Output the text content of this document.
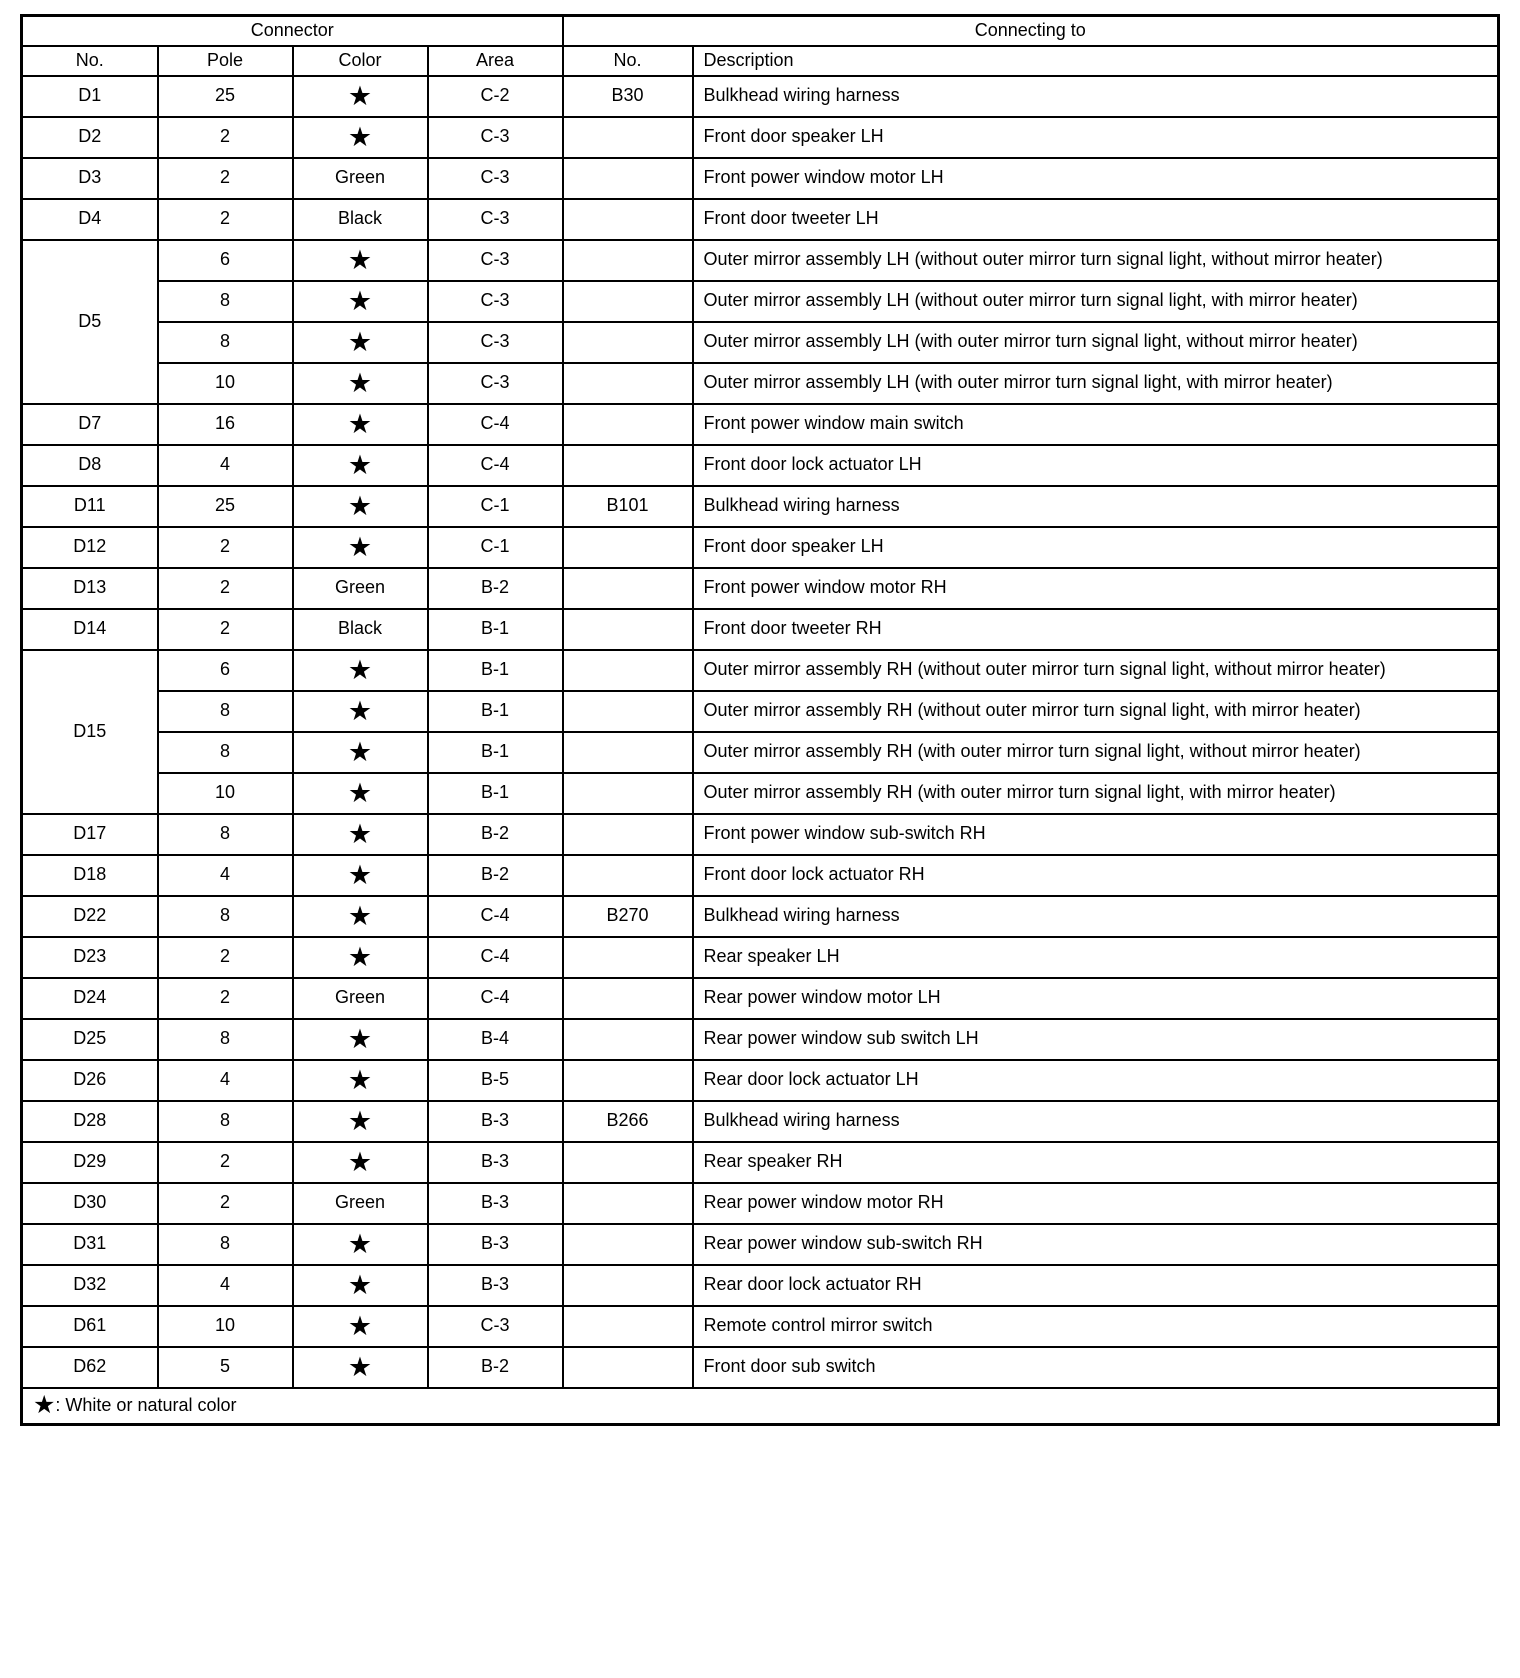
Connector				Connecting to	
No.	Pole	Color	Area	No.	Description
D1	25	★	C-2	B30	Bulkhead wiring harness
D2	2	★	C-3		Front door speaker LH
D3	2	Green	C-3		Front power window motor LH
D4	2	Black	C-3		Front door tweeter LH
D5	6	★	C-3		Outer mirror assembly LH (without outer mirror turn signal light, without mirror heater)
	8	★	C-3		Outer mirror assembly LH (without outer mirror turn signal light, with mirror heater)
	8	★	C-3		Outer mirror assembly LH (with outer mirror turn signal light, without mirror heater)
	10	★	C-3		Outer mirror assembly LH (with outer mirror turn signal light, with mirror heater)
D7	16	★	C-4		Front power window main switch
D8	4	★	C-4		Front door lock actuator LH
D11	25	★	C-1	B101	Bulkhead wiring harness
D12	2	★	C-1		Front door speaker LH
D13	2	Green	B-2		Front power window motor RH
D14	2	Black	B-1		Front door tweeter RH
D15	6	★	B-1		Outer mirror assembly RH (without outer mirror turn signal light, without mirror heater)
	8	★	B-1		Outer mirror assembly RH (without outer mirror turn signal light, with mirror heater)
	8	★	B-1		Outer mirror assembly RH (with outer mirror turn signal light, without mirror heater)
	10	★	B-1		Outer mirror assembly RH (with outer mirror turn signal light, with mirror heater)
D17	8	★	B-2		Front power window sub-switch RH
D18	4	★	B-2		Front door lock actuator RH
D22	8	★	C-4	B270	Bulkhead wiring harness
D23	2	★	C-4		Rear speaker LH
D24	2	Green	C-4		Rear power window motor LH
D25	8	★	B-4		Rear power window sub switch LH
D26	4	★	B-5		Rear door lock actuator LH
D28	8	★	B-3	B266	Bulkhead wiring harness
D29	2	★	B-3		Rear speaker RH
D30	2	Green	B-3		Rear power window motor RH
D31	8	★	B-3		Rear power window sub-switch RH
D32	4	★	B-3		Rear door lock actuator RH
D61	10	★	C-3		Remote control mirror switch
D62	5	★	B-2		Front door sub switch
★: White or natural color					
